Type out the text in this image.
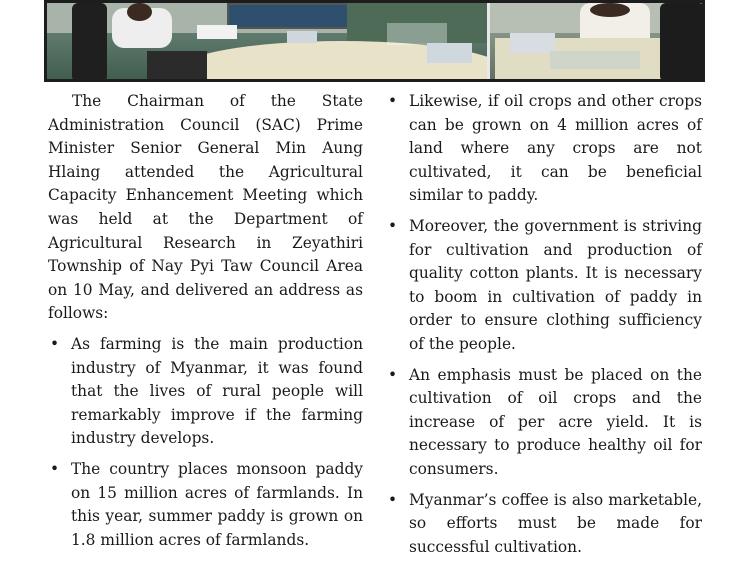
The Chairman of the State Administration Council (SAC) Prime Minister Senior General Min Aung Hlaing attended the Agricultural Capacity Enhancement Meeting which was held at the Department of Agricultural Research in Zeyathiri Township of Nay Pyi Taw Council Area on 10 May, and delivered an address as follows:

• As farming is the main production industry of Myanmar, it was found that the lives of rural people will remarkably improve if the farming industry develops.
• The country places monsoon paddy on 15 million acres of farmlands. In this year, summer paddy is grown on 1.8 million acres of farmlands.
• Likewise, if oil crops and other crops can be grown on 4 million acres of land where any crops are not cultivated, it can be beneficial similar to paddy.
• Moreover, the government is striving for cultivation and production of quality cotton plants. It is necessary to boom in cultivation of paddy in order to ensure clothing sufficiency of the people.
• An emphasis must be placed on the cultivation of oil crops and the increase of per acre yield. It is necessary to produce healthy oil for consumers.
• Myanmar’s coffee is also marketable, so efforts must be made for successful cultivation.
